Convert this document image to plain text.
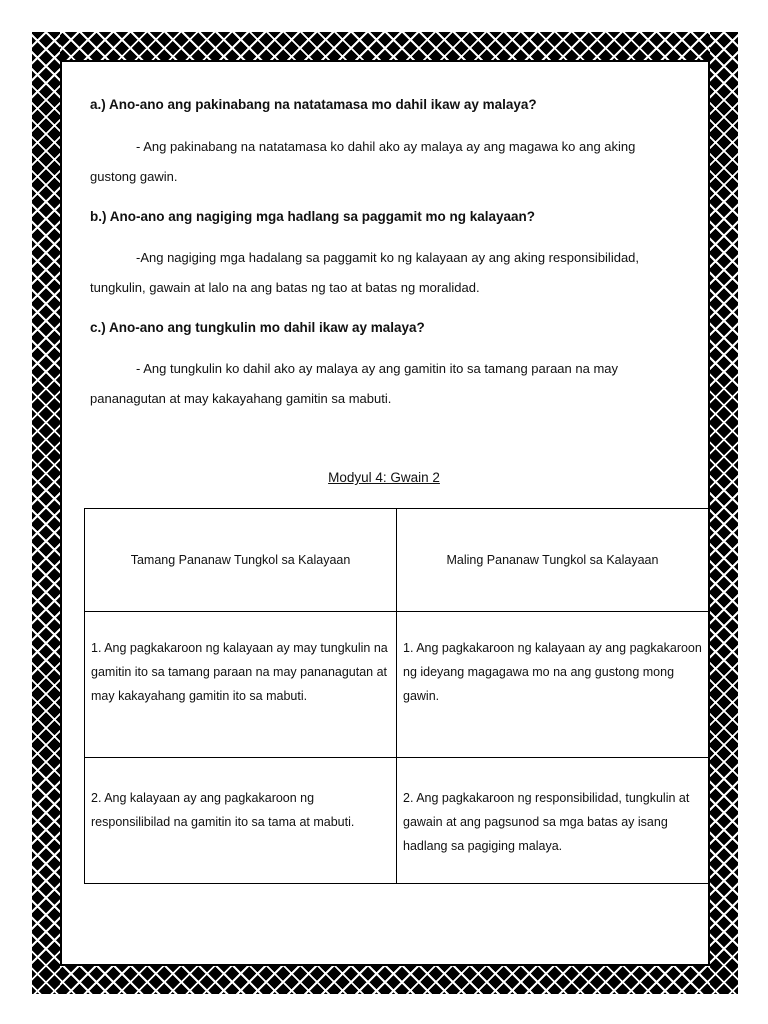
a.) Ano-ano ang pakinabang na natatamasa mo dahil ikaw ay malaya?

- Ang pakinabang na natatamasa ko dahil ako ay malaya ay ang magawa ko ang aking gustong gawin.

b.) Ano-ano ang nagiging mga hadlang sa paggamit mo ng kalayaan?

-Ang nagiging mga hadalang sa paggamit ko ng kalayaan ay ang aking responsibilidad, tungkulin, gawain at lalo na ang batas ng tao at batas ng moralidad.

c.) Ano-ano ang tungkulin mo dahil ikaw ay malaya?

- Ang tungkulin ko dahil ako ay malaya ay ang gamitin ito sa tamang paraan na may pananagutan at may kakayahang gamitin sa mabuti.

Modyul 4: Gwain 2
Tamang Pananaw Tungkol sa Kalayaan	Maling Pananaw Tungkol sa Kalayaan
1. Ang pagkakaroon ng kalayaan ay may tungkulin na gamitin ito sa tamang paraan na may pananagutan at may kakayahang gamitin ito sa mabuti.	1. Ang pagkakaroon ng kalayaan ay ang pagkakaroon ng ideyang magagawa mo na ang gustong mong gawin.
2. Ang kalayaan ay ang pagkakaroon ng responsilibilad na gamitin ito sa tama at mabuti.	2. Ang pagkakaroon ng responsibilidad, tungkulin at gawain at ang pagsunod sa mga batas ay isang hadlang sa pagiging malaya.
